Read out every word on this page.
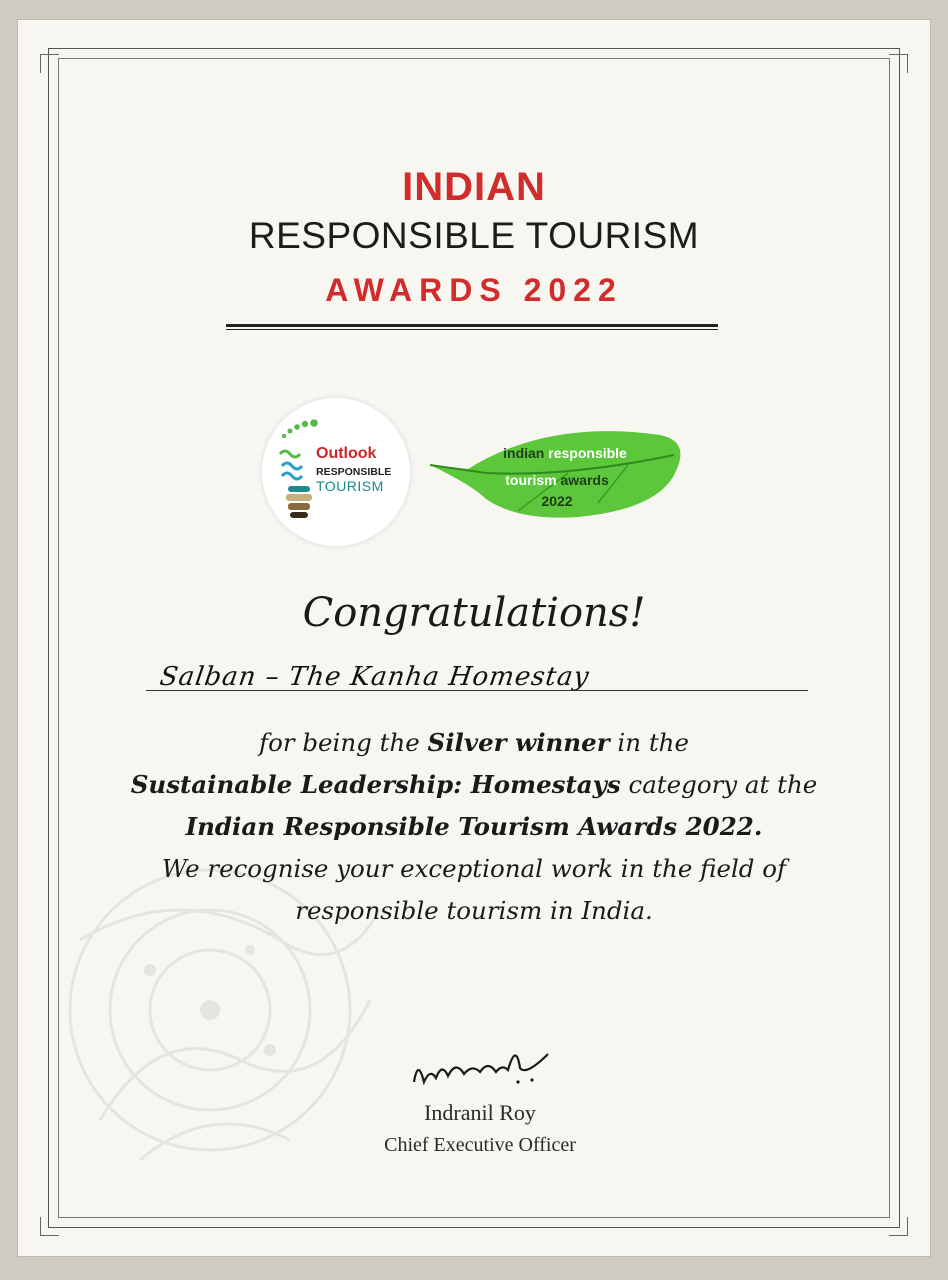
INDIAN
RESPONSIBLE TOURISM
AWARDS 2022
Outlook
RESPONSIBLE
TOURISM
indian responsible
tourism awards
2022
Congratulations!
Salban – The Kanha Homestay
for being the Silver winner in the
Sustainable Leadership: Homestays category at the
Indian Responsible Tourism Awards 2022.
We recognise your exceptional work in the field of
responsible tourism in India.
Indranil Roy
Chief Executive Officer
